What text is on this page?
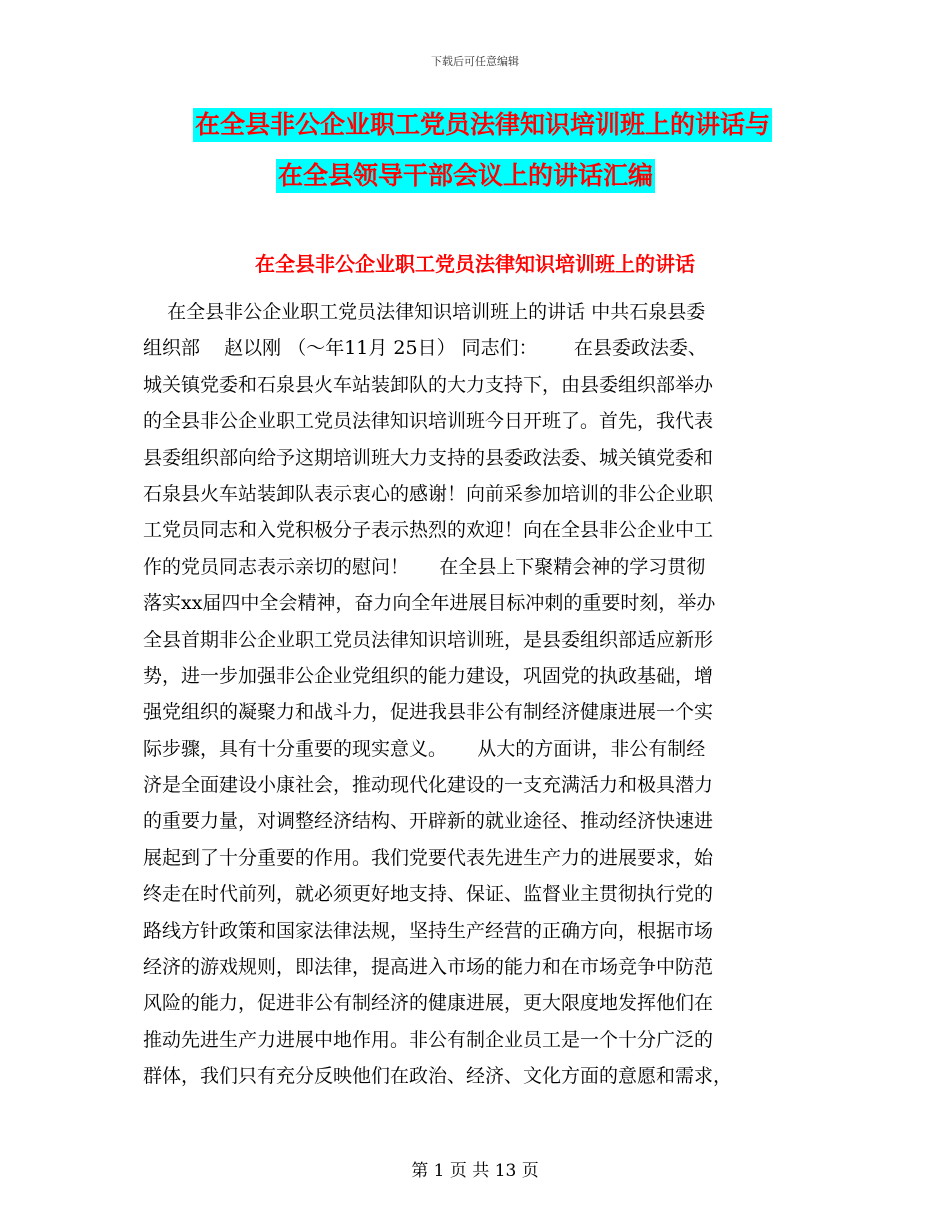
下载后可任意编辑
在全县非公企业职工党员法律知识培训班上的讲话与
在全县领导干部会议上的讲话汇编
在全县非公企业职工党员法律知识培训班上的讲话
在全县非公企业职工党员法律知识培训班上的讲话 中共石泉县委
组织部    赵以刚 （～年11月 25日） 同志们：      在县委政法委、
城关镇党委和石泉县火车站装卸队的大力支持下，由县委组织部举办
的全县非公企业职工党员法律知识培训班今日开班了。首先，我代表
县委组织部向给予这期培训班大力支持的县委政法委、城关镇党委和
石泉县火车站装卸队表示衷心的感谢！向前采参加培训的非公企业职
工党员同志和入党积极分子表示热烈的欢迎！向在全县非公企业中工
作的党员同志表示亲切的慰问！     在全县上下聚精会神的学习贯彻
落实xx届四中全会精神，奋力向全年进展目标冲刺的重要时刻，举办
全县首期非公企业职工党员法律知识培训班，是县委组织部适应新形
势，进一步加强非公企业党组织的能力建设，巩固党的执政基础，增
强党组织的凝聚力和战斗力，促进我县非公有制经济健康进展一个实
际步骤，具有十分重要的现实意义。     从大的方面讲，非公有制经
济是全面建设小康社会，推动现代化建设的一支充满活力和极具潜力
的重要力量，对调整经济结构、开辟新的就业途径、推动经济快速进
展起到了十分重要的作用。我们党要代表先进生产力的进展要求，始
终走在时代前列，就必须更好地支持、保证、监督业主贯彻执行党的
路线方针政策和国家法律法规，坚持生产经营的正确方向，根据市场
经济的游戏规则，即法律，提高进入市场的能力和在市场竞争中防范
风险的能力，促进非公有制经济的健康进展，更大限度地发挥他们在
推动先进生产力进展中地作用。非公有制企业员工是一个十分广泛的
群体，我们只有充分反映他们在政治、经济、文化方面的意愿和需求，
第 1 页 共 13 页
